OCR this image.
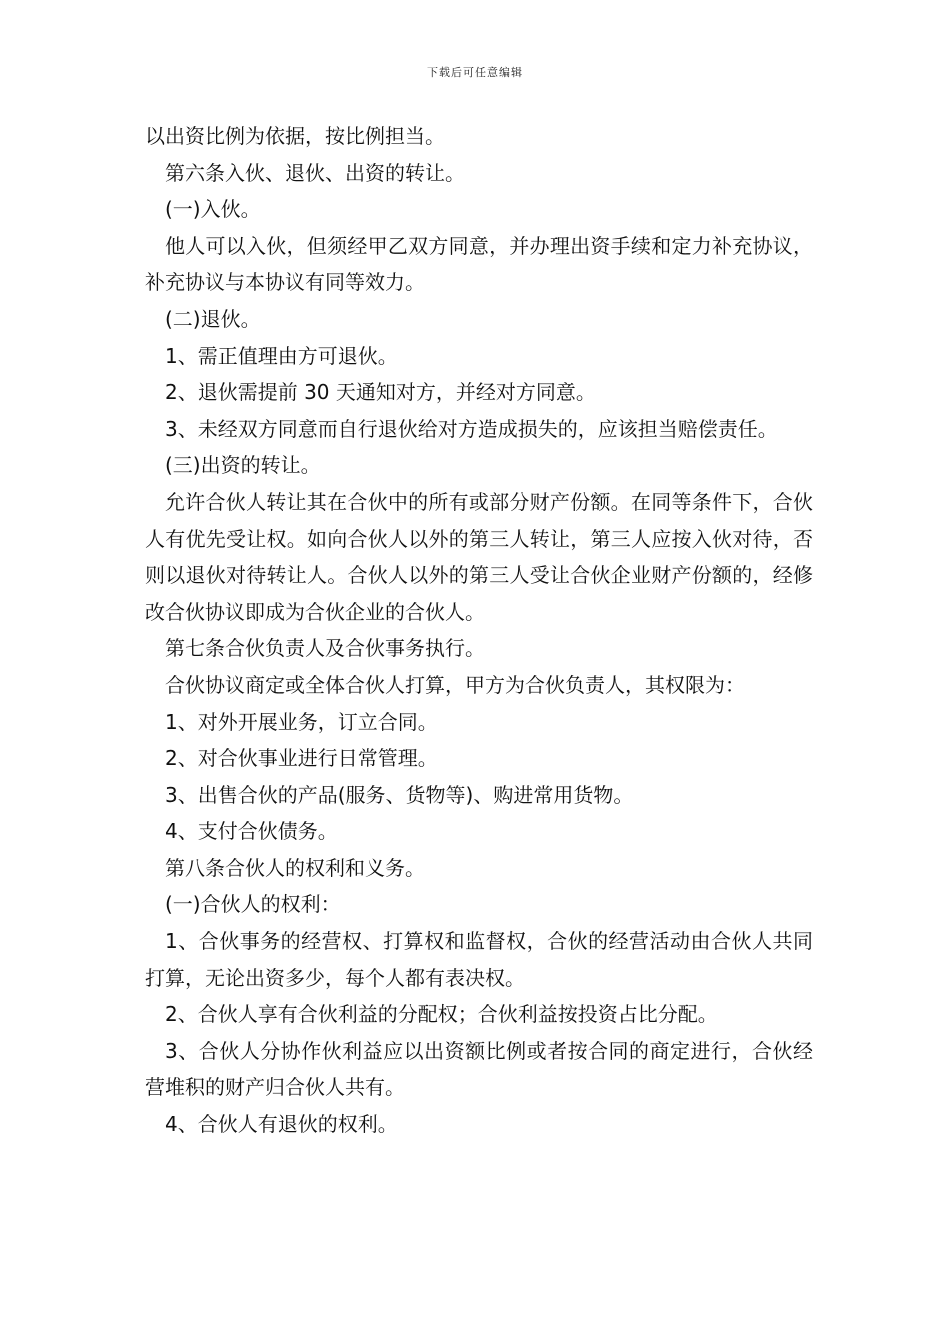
下载后可任意编辑

以出资比例为依据，按比例担当。

第六条入伙、退伙、出资的转让。

(一)入伙。

他人可以入伙，但须经甲乙双方同意，并办理出资手续和定力补充协议，补充协议与本协议有同等效力。

(二)退伙。

1、需正值理由方可退伙。

2、退伙需提前 30 天通知对方，并经对方同意。

3、未经双方同意而自行退伙给对方造成损失的，应该担当赔偿责任。

(三)出资的转让。

允许合伙人转让其在合伙中的所有或部分财产份额。在同等条件下，合伙人有优先受让权。如向合伙人以外的第三人转让，第三人应按入伙对待，否则以退伙对待转让人。合伙人以外的第三人受让合伙企业财产份额的，经修改合伙协议即成为合伙企业的合伙人。

第七条合伙负责人及合伙事务执行。

合伙协议商定或全体合伙人打算，甲方为合伙负责人，其权限为：

1、对外开展业务，订立合同。

2、对合伙事业进行日常管理。

3、出售合伙的产品(服务、货物等)、购进常用货物。

4、支付合伙债务。

第八条合伙人的权利和义务。

(一)合伙人的权利：

1、合伙事务的经营权、打算权和监督权，合伙的经营活动由合伙人共同打算，无论出资多少，每个人都有表决权。

2、合伙人享有合伙利益的分配权；合伙利益按投资占比分配。

3、合伙人分协作伙利益应以出资额比例或者按合同的商定进行，合伙经营堆积的财产归合伙人共有。

4、合伙人有退伙的权利。
